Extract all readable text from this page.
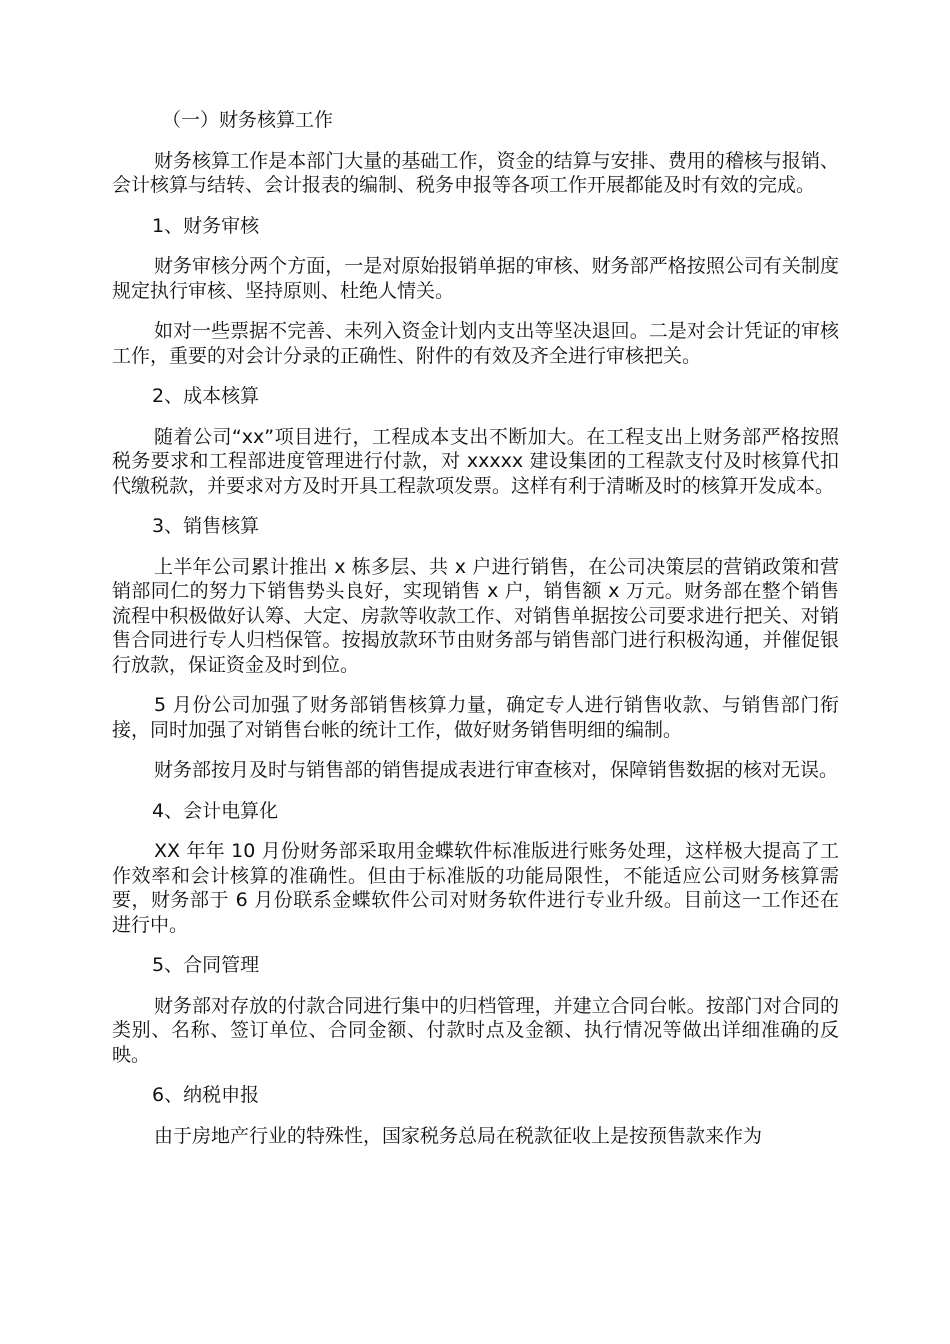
（一）财务核算工作

财务核算工作是本部门大量的基础工作，资金的结算与安排、费用的稽核与报销、会计核算与结转、会计报表的编制、税务申报等各项工作开展都能及时有效的完成。

1、财务审核

财务审核分两个方面，一是对原始报销单据的审核、财务部严格按照公司有关制度规定执行审核、坚持原则、杜绝人情关。

如对一些票据不完善、未列入资金计划内支出等坚决退回。二是对会计凭证的审核工作，重要的对会计分录的正确性、附件的有效及齐全进行审核把关。

2、成本核算

随着公司“xx”项目进行，工程成本支出不断加大。在工程支出上财务部严格按照税务要求和工程部进度管理进行付款，对 xxxxx 建设集团的工程款支付及时核算代扣代缴税款，并要求对方及时开具工程款项发票。这样有利于清晰及时的核算开发成本。

3、销售核算

上半年公司累计推出 x 栋多层、共 x 户进行销售，在公司决策层的营销政策和营销部同仁的努力下销售势头良好，实现销售 x 户，销售额 x 万元。财务部在整个销售流程中积极做好认筹、大定、房款等收款工作、对销售单据按公司要求进行把关、对销售合同进行专人归档保管。按揭放款环节由财务部与销售部门进行积极沟通，并催促银行放款，保证资金及时到位。

5 月份公司加强了财务部销售核算力量，确定专人进行销售收款、与销售部门衔接，同时加强了对销售台帐的统计工作，做好财务销售明细的编制。

财务部按月及时与销售部的销售提成表进行审查核对，保障销售数据的核对无误。

4、会计电算化

XX 年年 10 月份财务部采取用金蝶软件标准版进行账务处理，这样极大提高了工作效率和会计核算的准确性。但由于标准版的功能局限性，不能适应公司财务核算需要，财务部于 6 月份联系金蝶软件公司对财务软件进行专业升级。目前这一工作还在进行中。

5、合同管理

财务部对存放的付款合同进行集中的归档管理，并建立合同台帐。按部门对合同的类别、名称、签订单位、合同金额、付款时点及金额、执行情况等做出详细准确的反映。

6、纳税申报

由于房地产行业的特殊性，国家税务总局在税款征收上是按预售款来作为
